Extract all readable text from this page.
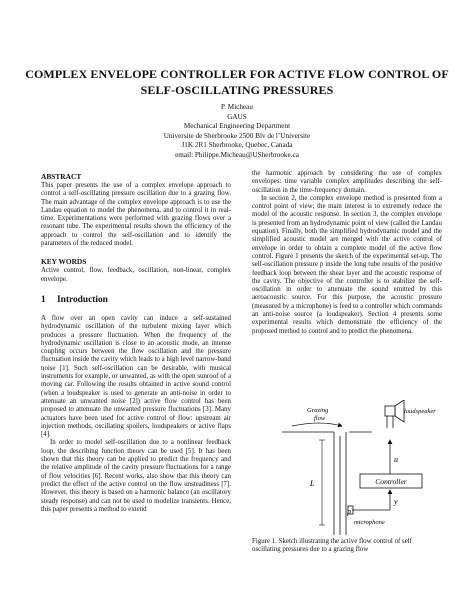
COMPLEX ENVELOPE CONTROLLER FOR ACTIVE FLOW CONTROL OF
SELF-OSCILLATING PRESSURES
P. Micheau
GAUS
Mechanical Engineering Department
Universite de Sherbrooke 2500 Blv de l’Universite
J1K 2R1 Sherbrooke, Quebec, Canada
email: Philippe.Micheau@USherbrooke.ca
ABSTRACT

This paper presents the use of a complex envelope approach to control a self-oscillating pressure oscillation due to a grazing flow. The main advantage of the complex envelope approach is to use the Landau equation to model the phenomena, and to control it in real-time. Experimentations were performed with grazing flows over a resonant tube. The experimental results shown the efficiency of the approach to control the self-oscillation and to identify the parameters of the reduced model.

KEY WORDS

Active control, flow, feedback, oscillation, non-linear, complex envelope.

1 Introduction

A flow over an open cavity can induce a self-sustained hydrodynamic oscillation of the turbulent mixing layer which produces a pressure fluctuation. When the frequency of the hydrodynamic oscillation is close to an acoustic mode, an intense coupling occurs between the flow oscillation and the pressure fluctuation inside the cavity which leads to a high level narrow-band noise [1]. Such self-oscillation can be desirable, with musical instruments for example, or unwanted, as with the open sunroof of a moving car. Following the results obtained in active sound control (when a loudspeaker is used to generate an anti-noise in order to attenuate an unwanted noise [2]) active flow control has been proposed to attenuate the unwanted pressure fluctuations [3]. Many actuators have been used for active control of flow: upstream air injection methods, oscillating spoilers, loudspeakers or active flaps [4].

In order to model self-oscillation due to a nonlinear feedback loop, the describing function theory can be used [5]. It has been shown that this theory can be applied to predict the frequency and the relative amplitude of the cavity pressure fluctuations for a range of flow velocities [6]. Recent works, also show that this theory can predict the effect of the active control on the flow unsteadiness [7]. However, this theory is based on a harmonic balance (an oscillatory steady response) and can not be used to modelize transients. Hence, this paper presents a method to extend

the harmonic approach by considering the use of complex envelopes: time variable complex amplitudes describing the self-oscillation in the time-frequency domain.

In section 2, the complex envelope method is presented from a control point of view; the main interest is to extremely reduce the model of the acoustic response. In section 3, the complex envelope is presented from an hydrodynamic point of view (called the Landau equation). Finally, both the simplified hydrodynamic model and the simplified acoustic model are merged with the active control of envelope in order to obtain a complete model of the active flow control. Figure 1 presents the sketch of the experimental set-up. The self-oscillation pressure p inside the long tube results of the positive feedback loop between the shear layer and the acoustic response of the cavity. The objective of the controller is to stabilize the self-oscillation in order to attenuate the sound emitted by this aeroacoustic source. For this purpose, the acoustic pressure (measured by a microphone) is feed to a controller which commands an anti-noise source (a loudspeaker). Section 4 presents some experimental results which demonstrate the efficiency of the proposed method to control and to predict the phenomena.

Grazing
flow
L
p
loudspeaker
u
Controller
y
microphone
Figure 1. Sketch illustrating the active flow control of self oscillating pressures due to a grazing flow
